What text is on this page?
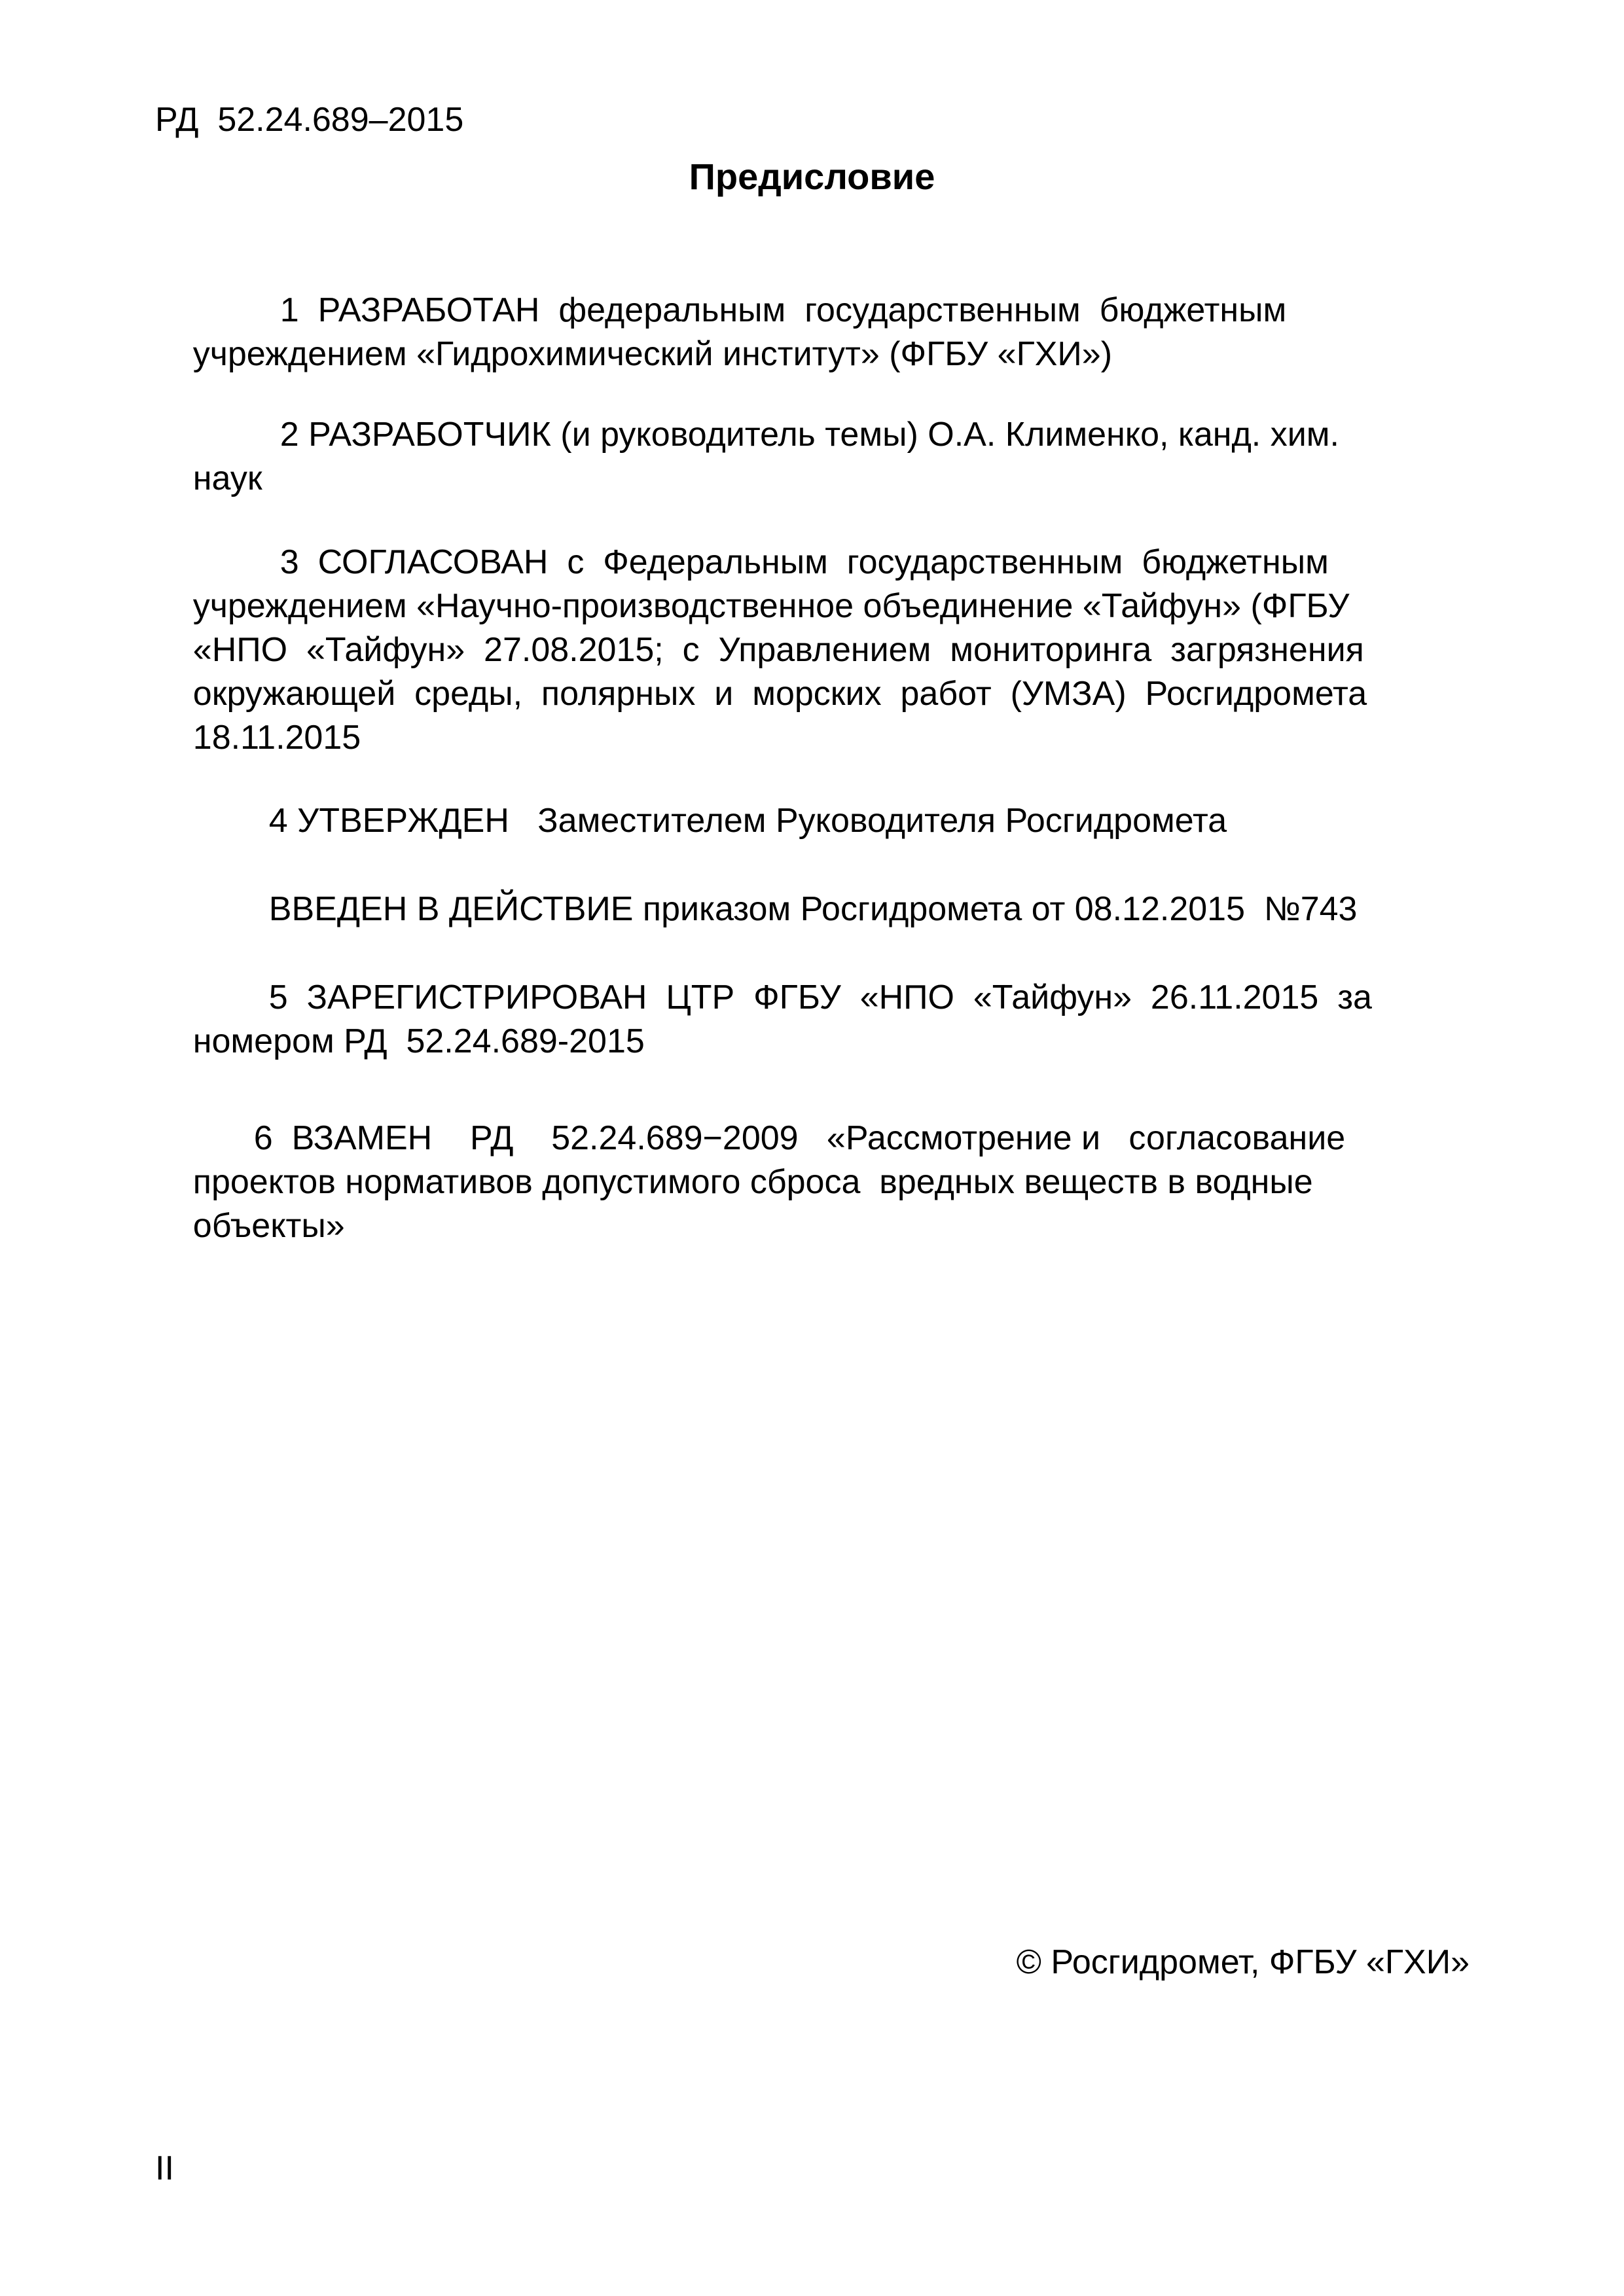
РД  52.24.689–2015
Предисловие

1  РАЗРАБОТАН  федеральным  государственным  бюджетным

учреждением «Гидрохимический институт» (ФГБУ «ГХИ»)

2 РАЗРАБОТЧИК (и руководитель темы) О.А. Клименко, канд. хим.

наук

3  СОГЛАСОВАН  с  Федеральным  государственным  бюджетным

учреждением «Научно-производственное объединение «Тайфун» (ФГБУ

«НПО  «Тайфун»  27.08.2015;  с  Управлением  мониторинга  загрязнения

окружающей  среды,  полярных  и  морских  работ  (УМЗА)  Росгидромета

18.11.2015

4 УТВЕРЖДЕН   Заместителем Руководителя Росгидромета

ВВЕДЕН В ДЕЙСТВИЕ приказом Росгидромета от 08.12.2015  №743

5  ЗАРЕГИСТРИРОВАН  ЦТР  ФГБУ  «НПО  «Тайфун»  26.11.2015  за

номером РД  52.24.689-2015

6  ВЗАМЕН    РД    52.24.689−2009   «Рассмотрение и   согласование

проектов нормативов допустимого сброса  вредных веществ в водные

объекты»

© Росгидромет, ФГБУ «ГХИ»
II
